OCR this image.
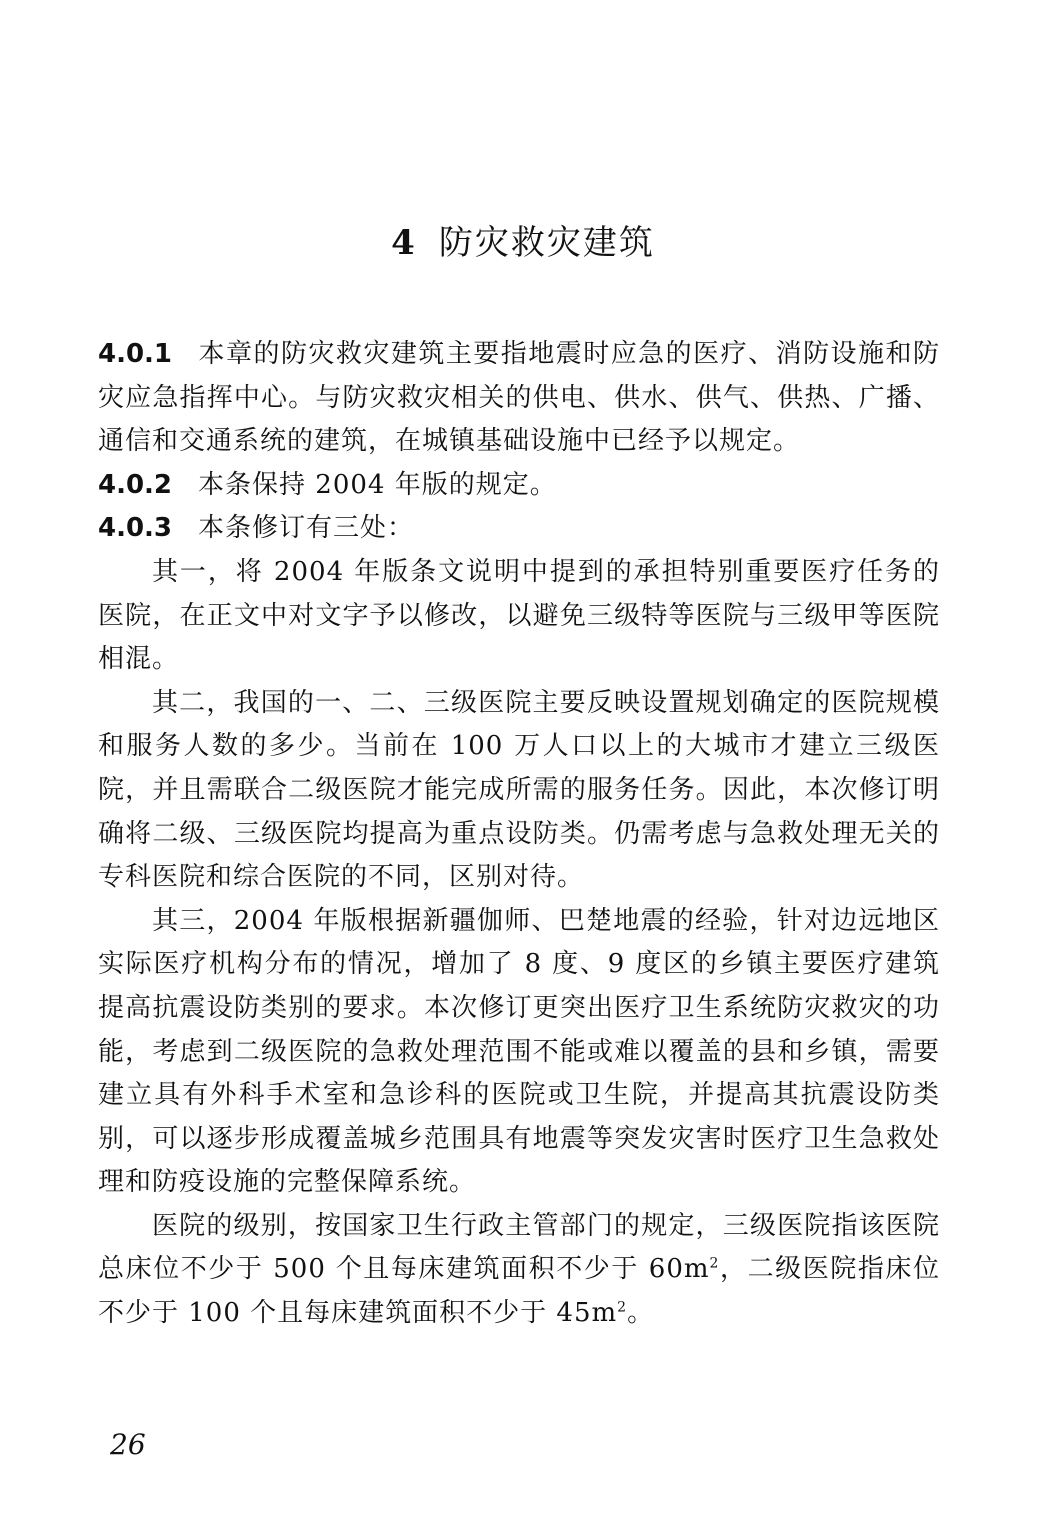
4 防灾救灾建筑

4.0.1 本章的防灾救灾建筑主要指地震时应急的医疗、消防设施和防灾应急指挥中心。与防灾救灾相关的供电、供水、供气、供热、广播、通信和交通系统的建筑，在城镇基础设施中已经予以规定。

4.0.2 本条保持 2004 年版的规定。

4.0.3 本条修订有三处：

其一，将 2004 年版条文说明中提到的承担特别重要医疗任务的医院，在正文中对文字予以修改，以避免三级特等医院与三级甲等医院相混。

其二，我国的一、二、三级医院主要反映设置规划确定的医院规模和服务人数的多少。当前在 100 万人口以上的大城市才建立三级医院，并且需联合二级医院才能完成所需的服务任务。因此，本次修订明确将二级、三级医院均提高为重点设防类。仍需考虑与急救处理无关的专科医院和综合医院的不同，区别对待。

其三，2004 年版根据新疆伽师、巴楚地震的经验，针对边远地区实际医疗机构分布的情况，增加了 8 度、9 度区的乡镇主要医疗建筑提高抗震设防类别的要求。本次修订更突出医疗卫生系统防灾救灾的功能，考虑到二级医院的急救处理范围不能或难以覆盖的县和乡镇，需要建立具有外科手术室和急诊科的医院或卫生院，并提高其抗震设防类别，可以逐步形成覆盖城乡范围具有地震等突发灾害时医疗卫生急救处理和防疫设施的完整保障系统。

医院的级别，按国家卫生行政主管部门的规定，三级医院指该医院总床位不少于 500 个且每床建筑面积不少于 $60m^2$，二级医院指床位不少于 100 个且每床建筑面积不少于 $45m^2$。

26
